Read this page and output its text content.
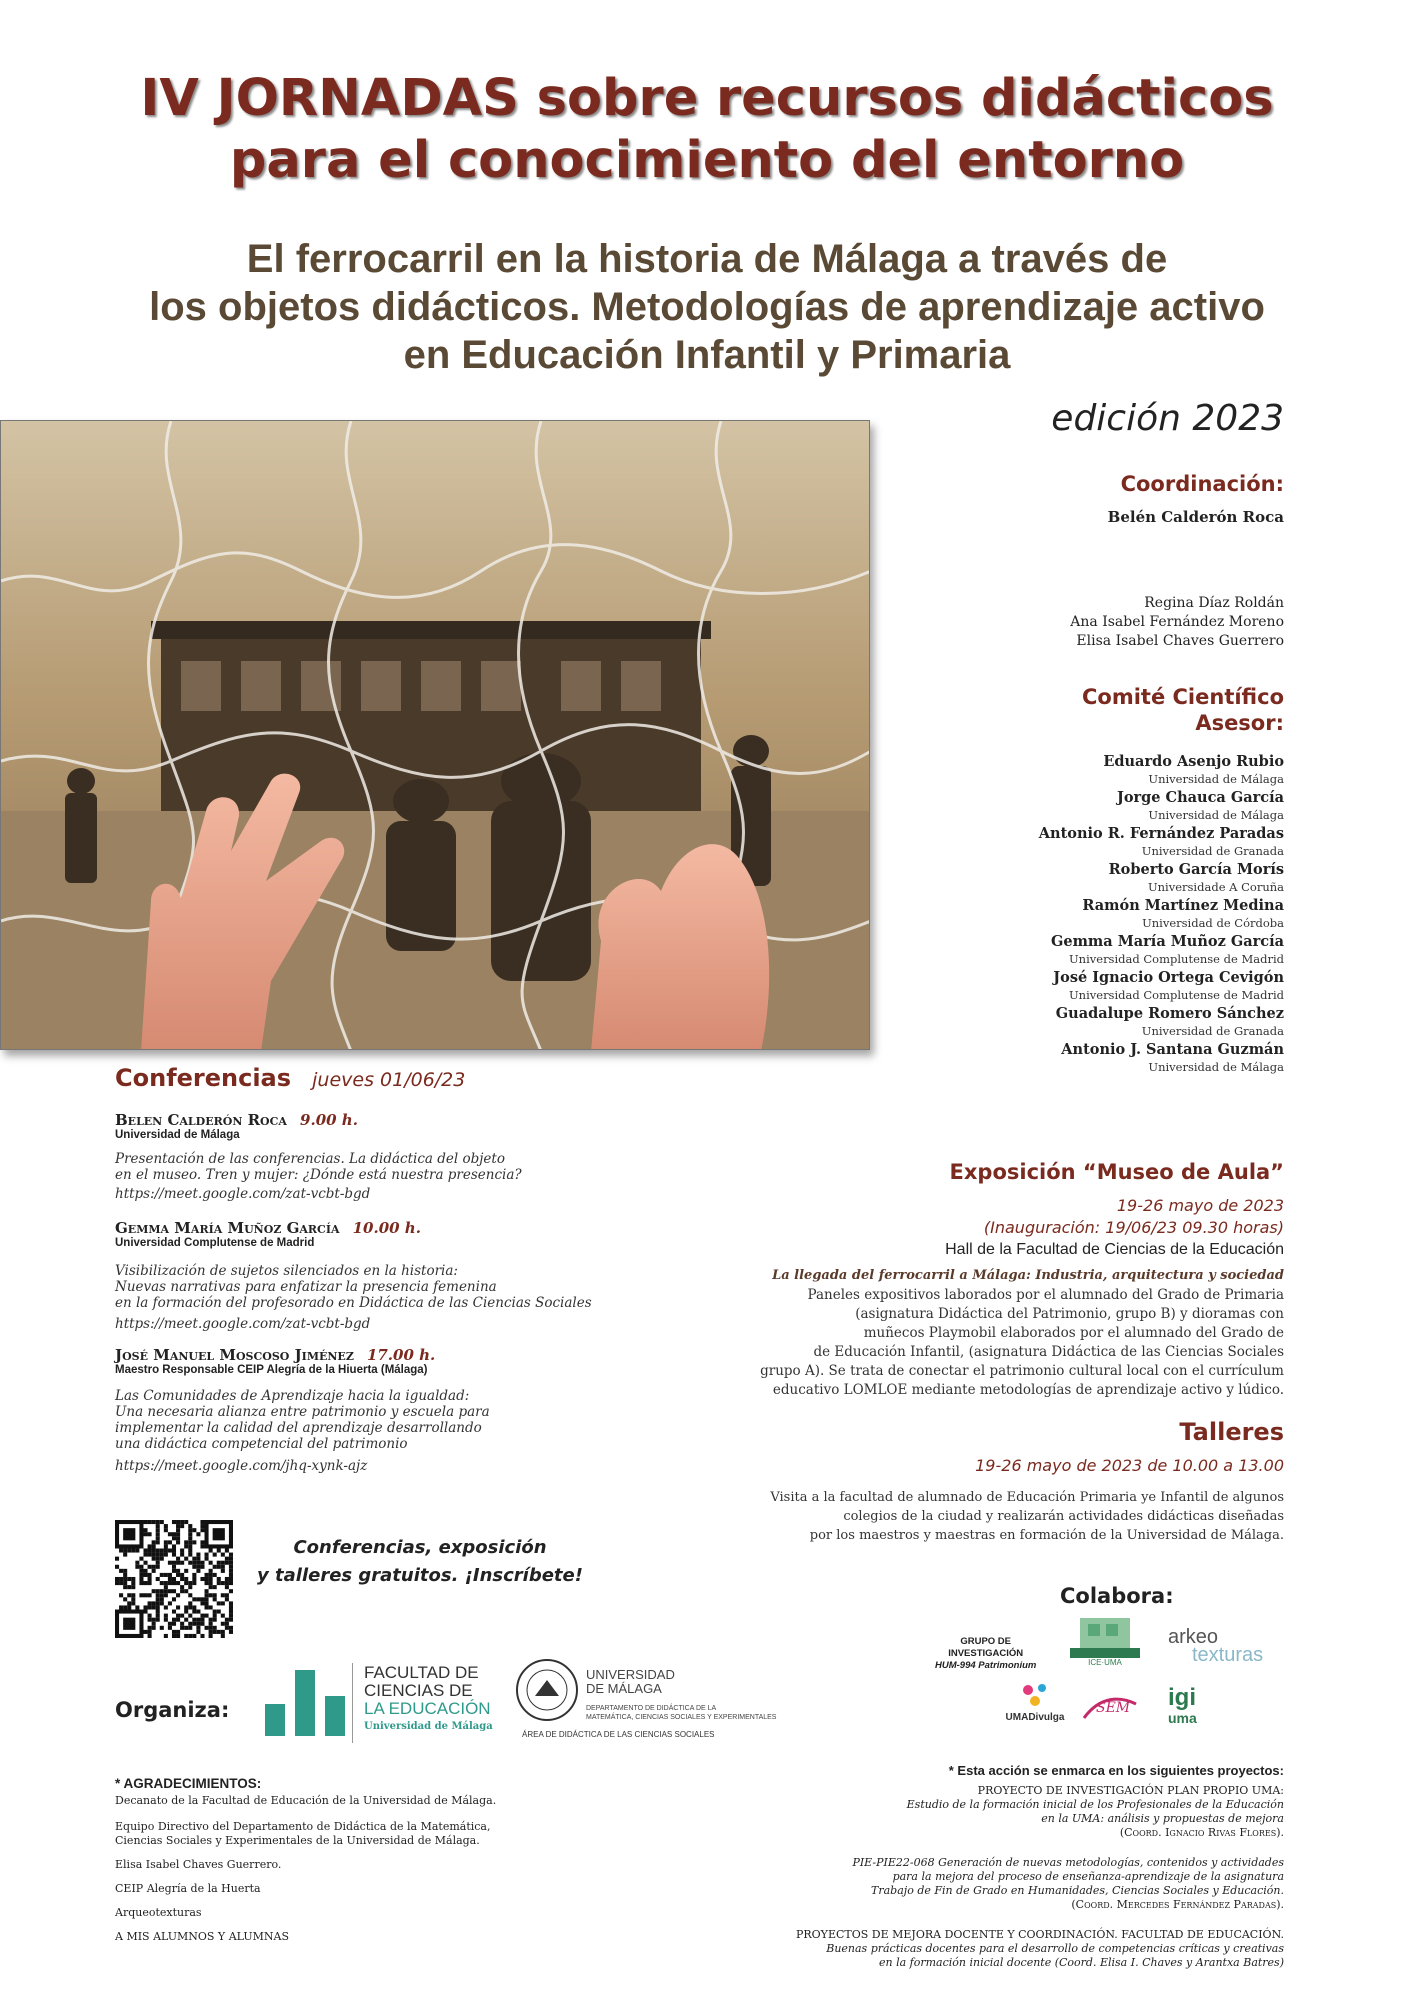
IV JORNADAS sobre recursos didácticos
para el conocimiento del entorno
El ferrocarril en la historia de Málaga a través de
los objetos didácticos. Metodologías de aprendizaje activo
en Educación Infantil y Primaria
edición 2023
Coordinación:
Belén Calderón Roca
Regina Díaz Roldán
Ana Isabel Fernández Moreno
Elisa Isabel Chaves Guerrero
Comité Científico
Asesor:
Eduardo Asenjo Rubio
Universidad de Málaga
Jorge Chauca García
Universidad de Málaga
Antonio R. Fernández Paradas
Universidad de Granada
Roberto García Morís
Universidade A Coruña
Ramón Martínez Medina
Universidad de Córdoba
Gemma María Muñoz García
Universidad Complutense de Madrid
José Ignacio Ortega Cevigón
Universidad Complutense de Madrid
Guadalupe Romero Sánchez
Universidad de Granada
Antonio J. Santana Guzmán
Universidad de Málaga
Conferencias jueves 01/06/23
Belen Calderón Roca 9.00 h.
Universidad de Málaga
Presentación de las conferencias. La didáctica del objeto
en el museo. Tren y mujer: ¿Dónde está nuestra presencia?
https://meet.google.com/zat-vcbt-bgd
Gemma María Muñoz García 10.00 h.
Universidad Complutense de Madrid
Visibilización de sujetos silenciados en la historia:
Nuevas narrativas para enfatizar la presencia femenina
en la formación del profesorado en Didáctica de las Ciencias Sociales
https://meet.google.com/zat-vcbt-bgd
José Manuel Moscoso Jiménez 17.00 h.
Maestro Responsable CEIP Alegría de la Hiuerta (Málaga)
Las Comunidades de Aprendizaje hacia la igualdad:
Una necesaria alianza entre patrimonio y escuela para
implementar la calidad del aprendizaje desarrollando
una didáctica competencial del patrimonio
https://meet.google.com/jhq-xynk-ajz
Conferencias, exposición
y talleres gratuitos. ¡Inscríbete!
Exposición “Museo de Aula”
19-26 mayo de 2023
(Inauguración: 19/06/23 09.30 horas)
Hall de la Facultad de Ciencias de la Educación
La llegada del ferrocarril a Málaga: Industria, arquitectura y sociedad
Paneles expositivos laborados por el alumnado del Grado de Primaria
(asignatura Didáctica del Patrimonio, grupo B) y dioramas con
muñecos Playmobil elaborados por el alumnado del Grado de
de Educación Infantil, (asignatura Didáctica de las Ciencias Sociales
grupo A). Se trata de conectar el patrimonio cultural local con el currículum
educativo LOMLOE mediante metodologías de aprendizaje activo y lúdico.
Talleres
19-26 mayo de 2023 de 10.00 a 13.00
Visita a la facultad de alumnado de Educación Primaria ye Infantil de algunos
colegios de la ciudad y realizarán actividades didácticas diseñadas
por los maestros y maestras en formación de la Universidad de Málaga.
Colabora:
GRUPO DE
INVESTIGACIÓN
HUM-994 Patrimonium	ICE·UMA
arkeo
texturas
UMADivulga
SEM igi
uma
Organiza:
FACULTAD DE
CIENCIAS DE
LA EDUCACIÓN
Universidad de Málaga
UNIVERSIDAD
DE MÁLAGA
DEPARTAMENTO DE DIDÁCTICA DE LA
MATEMÁTICA, CIENCIAS SOCIALES Y EXPERIMENTALES
ÁREA DE DIDÁCTICA DE LAS CIENCIAS SOCIALES
* AGRADECIMIENTOS:
Decanato de la Facultad de Educación de la Universidad de Málaga.
Equipo Directivo del Departamento de Didáctica de la Matemática,
Ciencias Sociales y Experimentales de la Universidad de Málaga.
Elisa Isabel Chaves Guerrero.
CEIP Alegría de la Huerta
Arqueotexturas
A MIS ALUMNOS Y ALUMNAS
* Esta acción se enmarca en los siguientes proyectos:
PROYECTO DE INVESTIGACIÓN PLAN PROPIO UMA:
Estudio de la formación inicial de los Profesionales de la Educación
en la UMA: análisis y propuestas de mejora
(Coord. Ignacio Rivas Flores).
PIE-PIE22-068 Generación de nuevas metodologías, contenidos y actividades
para la mejora del proceso de enseñanza-aprendizaje de la asignatura
Trabajo de Fin de Grado en Humanidades, Ciencias Sociales y Educación.
(Coord. Mercedes Fernández Paradas).
PROYECTOS DE MEJORA DOCENTE Y COORDINACIÓN. FACULTAD DE EDUCACIÓN.
Buenas prácticas docentes para el desarrollo de competencias críticas y creativas
en la formación inicial docente (Coord. Elisa I. Chaves y Arantxa Batres)
